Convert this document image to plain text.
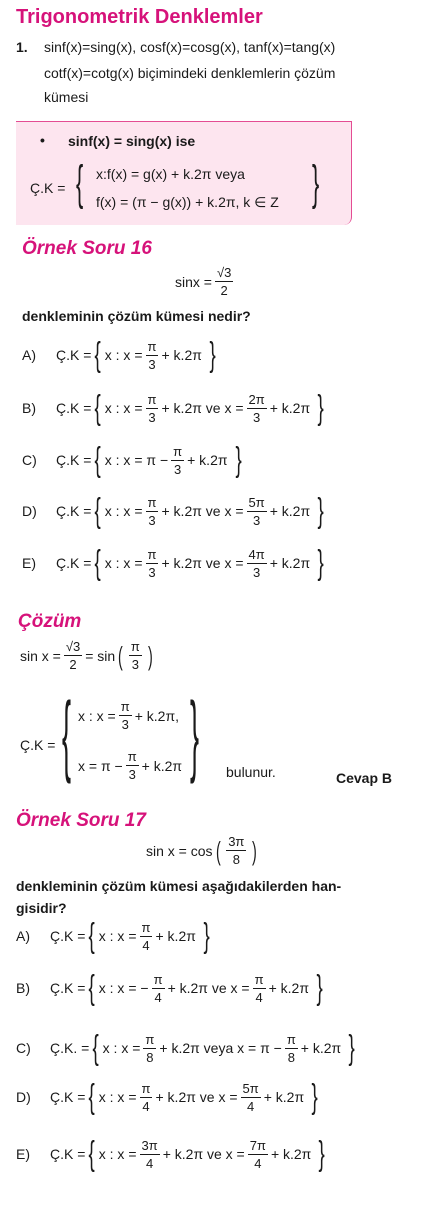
Trigonometrik Denklemler
1. sinf(x)=sing(x), cosf(x)=cosg(x), tanf(x)=tang(x)
cotf(x)=cotg(x) biçimindeki denklemlerin çözüm
kümesi
• sinf(x) = sing(x) ise
Ç.K = { x:f(x) = g(x) + k.2π veya
f(x) = (π − g(x)) + k.2π, k ∈ Z }
Örnek Soru 16
$\sin x = \frac{√3}{2}$
denkleminin çözüm kümesi nedir?
A)	Ç.K = { x : $x = \frac{\pi}{3} + k.2\pi$ }
B)	Ç.K = { x : $x = \frac{\pi}{3} + k.2\pi$ ve $x = \frac{2\pi}{3} + k.2\pi$ }
C)	Ç.K = { x : $x = \pi - \frac{\pi}{3} + k.2\pi$ }
D)	Ç.K = { x : $x = \frac{\pi}{3} + k.2\pi$ ve $x = \frac{5\pi}{3} + k.2\pi$ }
E)	Ç.K = { x : $x = \frac{\pi}{3} + k.2\pi$ ve $x = \frac{4\pi}{3} + k.2\pi$ }
Çözüm
$\sin x = \frac{√3}{2} = \sin$ ( $\frac{\pi}{3}$ )
Ç.K = { x : $x = \frac{\pi}{3} + k.2\pi$,
$x = \pi - \frac{\pi}{3} + k.2\pi$ } bulunur.	Cevap B
Örnek Soru 17
sin x = cos ( $\frac{3\pi}{8}$ )
denkleminin çözüm kümesi aşağıdakilerden han-
gisidir?
A)	Ç.K = { x : $x = \frac{\pi}{4} + k.2\pi$ }
B)	Ç.K = { x : x = − $\frac{\pi}{4} + k.2\pi$ ve $x = \frac{\pi}{4} + k.2\pi$ }
C)	Ç.K. = { x : $x = \frac{\pi}{8} + k.2\pi$ veya $x = \pi - \frac{\pi}{8} + k.2\pi$ }
D)	Ç.K = { x : $x = \frac{\pi}{4} + k.2\pi$ ve $x = \frac{5\pi}{4} + k.2\pi$ }
E)	Ç.K = { x : $x = \frac{3\pi}{4} + k.2\pi$ ve $x = \frac{7\pi}{4} + k.2\pi$ }
